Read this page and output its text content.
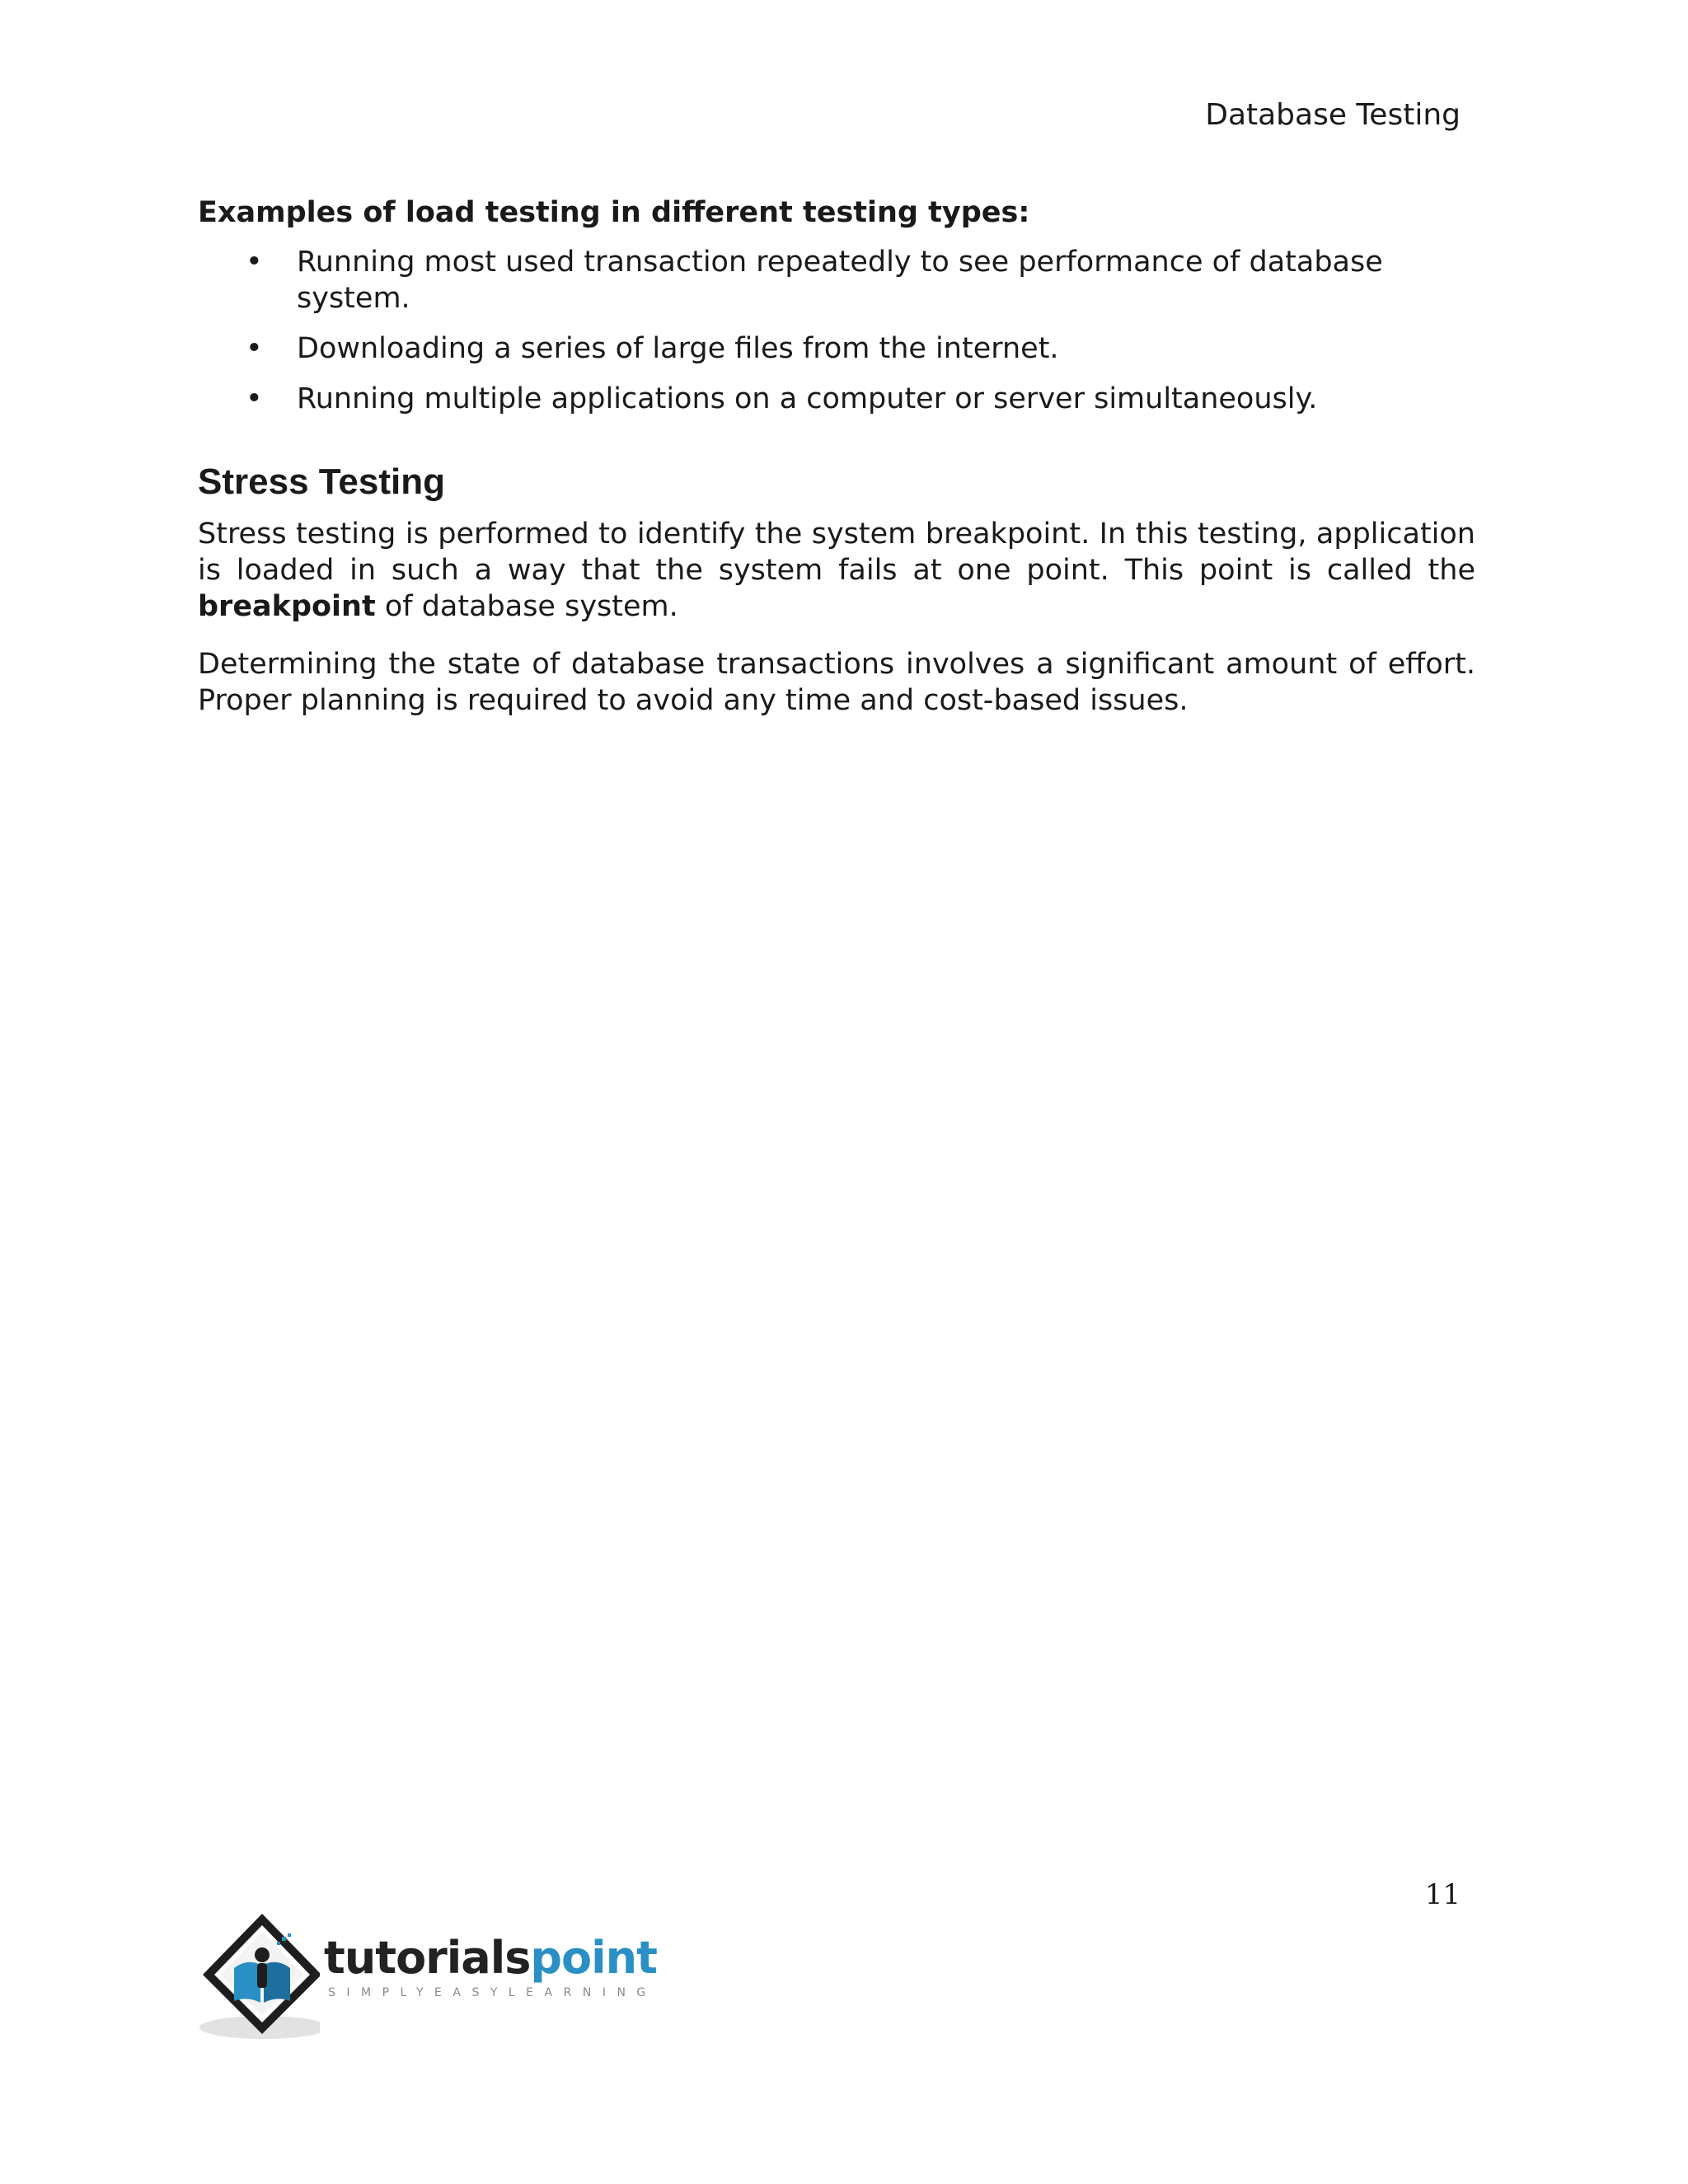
Database Testing
Examples of load testing in different testing types:
• Running most used transaction repeatedly to see performance of database system.
• Downloading a series of large files from the internet.
• Running multiple applications on a computer or server simultaneously.
Stress Testing

Stress testing is performed to identify the system breakpoint. In this testing, application is loaded in such a way that the system fails at one point. This point is called the breakpoint of database system.

Determining the state of database transactions involves a significant amount of effort. Proper planning is required to avoid any time and cost-based issues.

11
tutorialspoint
SIMPLYEASYLEARNING
